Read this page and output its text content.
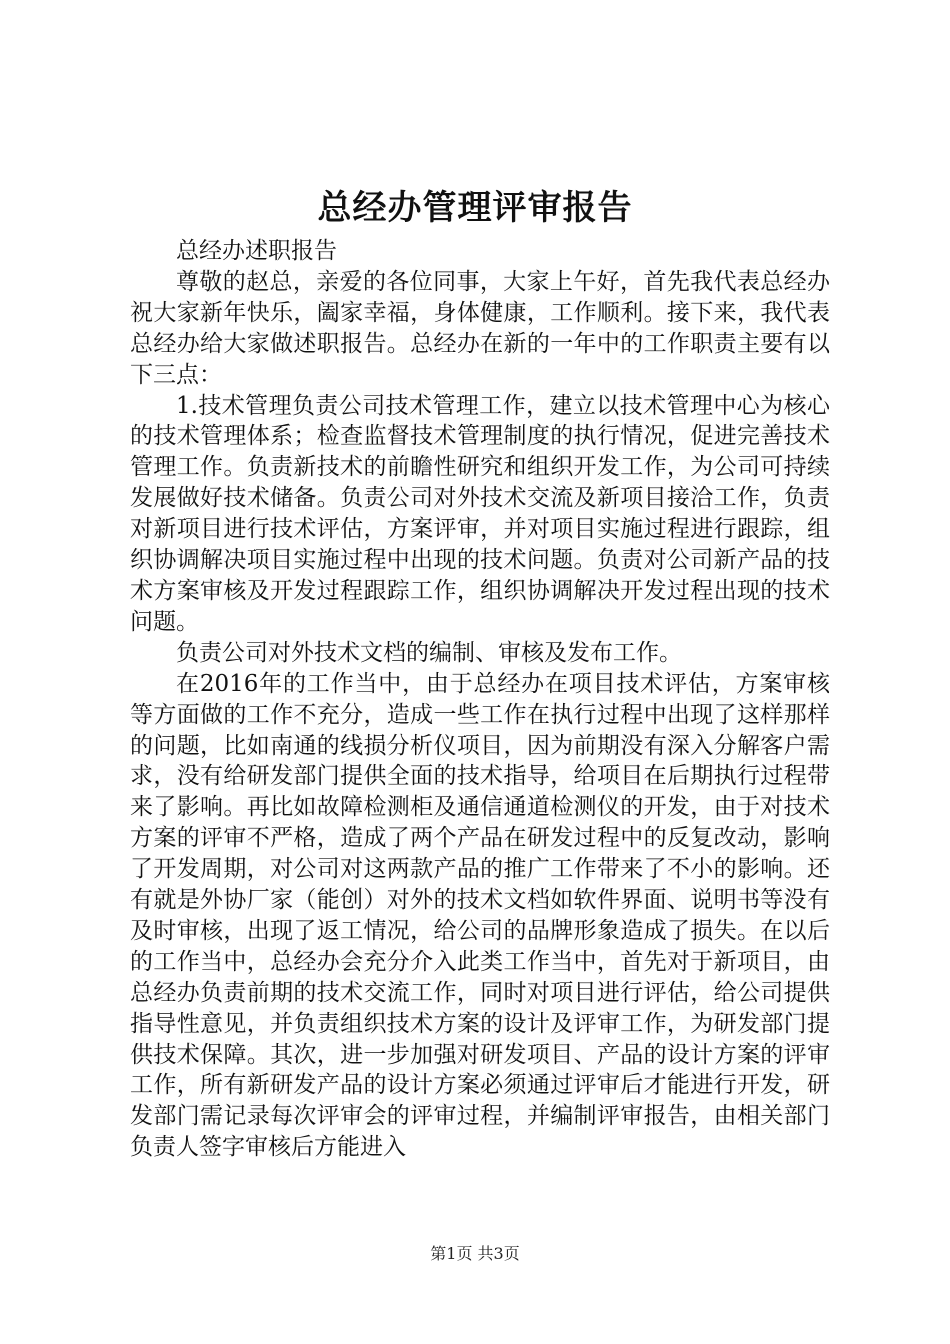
总经办管理评审报告

总经办述职报告

尊敬的赵总，亲爱的各位同事，大家上午好，首先我代表总经办祝大家新年快乐，阖家幸福，身体健康，工作顺利。接下来，我代表总经办给大家做述职报告。总经办在新的一年中的工作职责主要有以下三点：

1.技术管理负责公司技术管理工作，建立以技术管理中心为核心的技术管理体系；检查监督技术管理制度的执行情况，促进完善技术管理工作。负责新技术的前瞻性研究和组织开发工作，为公司可持续发展做好技术储备。负责公司对外技术交流及新项目接洽工作，负责对新项目进行技术评估，方案评审，并对项目实施过程进行跟踪，组织协调解决项目实施过程中出现的技术问题。负责对公司新产品的技术方案审核及开发过程跟踪工作，组织协调解决开发过程出现的技术问题。

负责公司对外技术文档的编制、审核及发布工作。

在2016年的工作当中，由于总经办在项目技术评估，方案审核等方面做的工作不充分，造成一些工作在执行过程中出现了这样那样的问题，比如南通的线损分析仪项目，因为前期没有深入分解客户需求，没有给研发部门提供全面的技术指导，给项目在后期执行过程带来了影响。再比如故障检测柜及通信通道检测仪的开发，由于对技术方案的评审不严格，造成了两个产品在研发过程中的反复改动，影响了开发周期，对公司对这两款产品的推广工作带来了不小的影响。还有就是外协厂家（能创）对外的技术文档如软件界面、说明书等没有及时审核，出现了返工情况，给公司的品牌形象造成了损失。在以后的工作当中，总经办会充分介入此类工作当中，首先对于新项目，由总经办负责前期的技术交流工作，同时对项目进行评估，给公司提供指导性意见，并负责组织技术方案的设计及评审工作，为研发部门提供技术保障。其次，进一步加强对研发项目、产品的设计方案的评审工作，所有新研发产品的设计方案必须通过评审后才能进行开发，研发部门需记录每次评审会的评审过程，并编制评审报告，由相关部门负责人签字审核后方能进入

第1页 共3页
